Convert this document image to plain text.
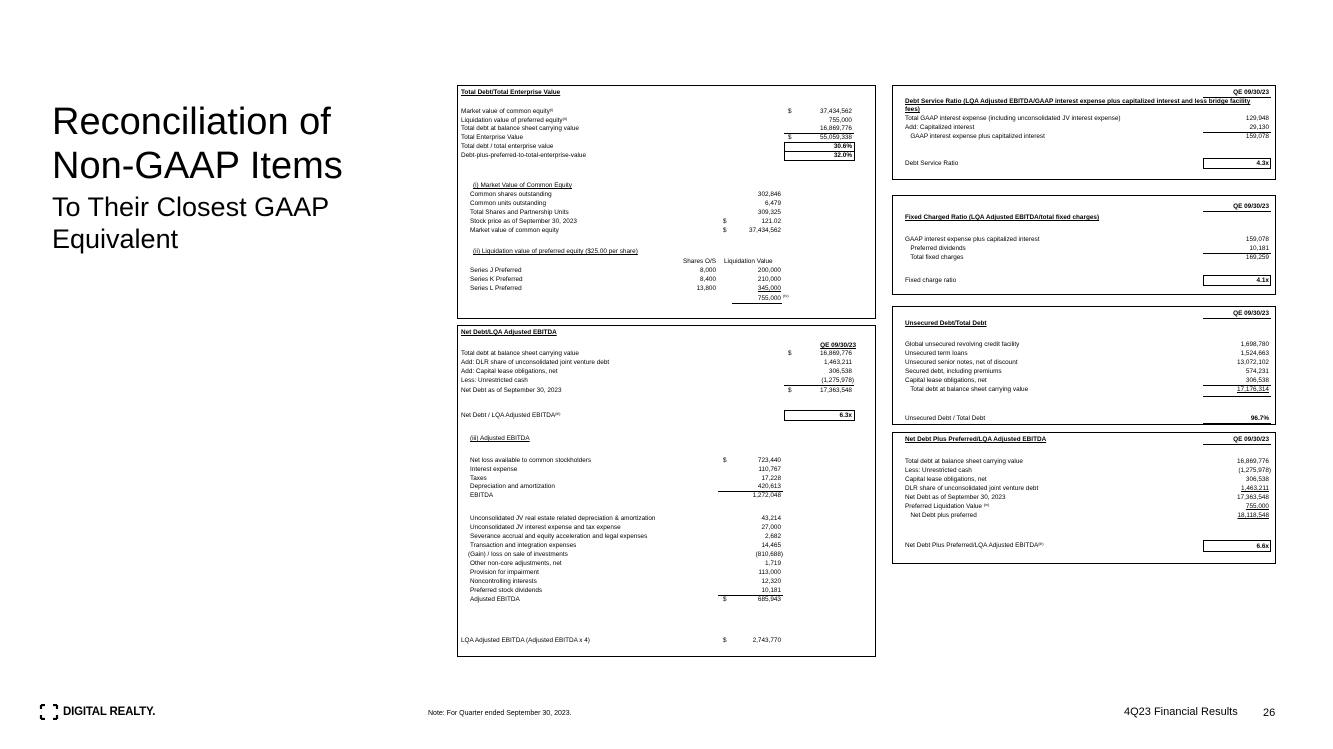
Reconciliation of
Non-GAAP Items
To Their Closest GAAP
Equivalent
Total Debt/Total Enterprise Value
Market value of common equity$^{(i)}$	$	37,434,562
Liquidation value of preferred equity$^{(ii)}$	755,000
Total debt at balance sheet carrying value	16,869,776
Total Enterprise Value	$	55,059,338
Total debt / total enterprise value	30.6%
Debt-plus-preferred-to-total-enterprise-value	32.0%
(i) Market Value of Common Equity
Common shares outstanding	302,846
Common units outstanding	6,479
Total Shares and Partnership Units	309,325
Stock price as of September 30, 2023	$	121.02
Market value of common equity	$	37,434,562
(ii) Liquidation value of preferred equity ($25.00 per share)
Shares O/S Liquidation Value
Series J Preferred	8,000	200,000
Series K Preferred	8,400	210,000
Series L Preferred	13,800	345,000
755,000 (iv)
Net Debt/LQA Adjusted EBITDA
QE 09/30/23
Total debt at balance sheet carrying value	$	16,869,776
Add: DLR share of unconsolidated joint venture debt	1,463,211
Add: Capital lease obligations, net	306,538
Less: Unrestricted cash	(1,275,978)
Net Debt as of September 30, 2023	$	17,363,548
Net Debt / LQA Adjusted EBITDA$^{(iii)}$	6.3x
(iii) Adjusted EBITDA
Net loss available to common stockholders	$	723,440
Interest expense	110,767
Taxes	17,228
Depreciation and amortization	420,613
EBITDA	1,272,048
Unconsolidated JV real estate related depreciation & amortization	43,214
Unconsolidated JV interest expense and tax expense	27,000
Severance accrual and equity acceleration and legal expenses	2,682
Transaction and integration expenses	14,465
(Gain) / loss on sale of investments	(810,688)
Other non-core adjustments, net	1,719
Provision for impairment	113,000
Noncontrolling interests	12,320
Preferred stock dividends	10,181
Adjusted EBITDA	$	685,943
LQA Adjusted EBITDA (Adjusted EBITDA x 4)	$	2,743,770
QE 09/30/23
Debt Service Ratio (LQA Adjusted EBITDA/GAAP interest expense plus capitalized interest and less bridge facility
fees)
Total GAAP interest expense (including unconsolidated JV interest expense)	129,948
Add: Capitalized interest	29,130
GAAP interest expense plus capitalized interest	159,078
Debt Service Ratio	4.3x
QE 09/30/23
Fixed Charged Ratio (LQA Adjusted EBITDA/total fixed charges)
GAAP interest expense plus capitalized interest	159,078
Preferred dividends	10,181
Total fixed charges	169,259
Fixed charge ratio	4.1x
QE 09/30/23
Unsecured Debt/Total Debt
Global unsecured revolving credit facility	1,698,780
Unsecured term loans	1,524,663
Unsecured senior notes, net of discount	13,072,102
Secured debt, including premiums	574,231
Capital lease obligations, net	306,538
Total debt at balance sheet carrying value	17,176,314
Unsecured Debt / Total Debt	96.7%
Net Debt Plus Preferred/LQA Adjusted EBITDA	QE 09/30/23
Total debt at balance sheet carrying value	16,869,776
Less: Unrestricted cash	(1,275,978)
Capital lease obligations, net	306,538
DLR share of unconsolidated joint venture debt	1,463,211
Net Debt as of September 30, 2023	17,363,548
Preferred Liquidation Value $^{(iv)}$	755,000
Net Debt plus preferred	18,118,548
Net Debt Plus Preferred/LQA Adjusted EBITDA$^{(iii)}$	6.6x
DIGITAL REALTY.	Note: For Quarter ended September 30, 2023.	4Q23 Financial Results 26
